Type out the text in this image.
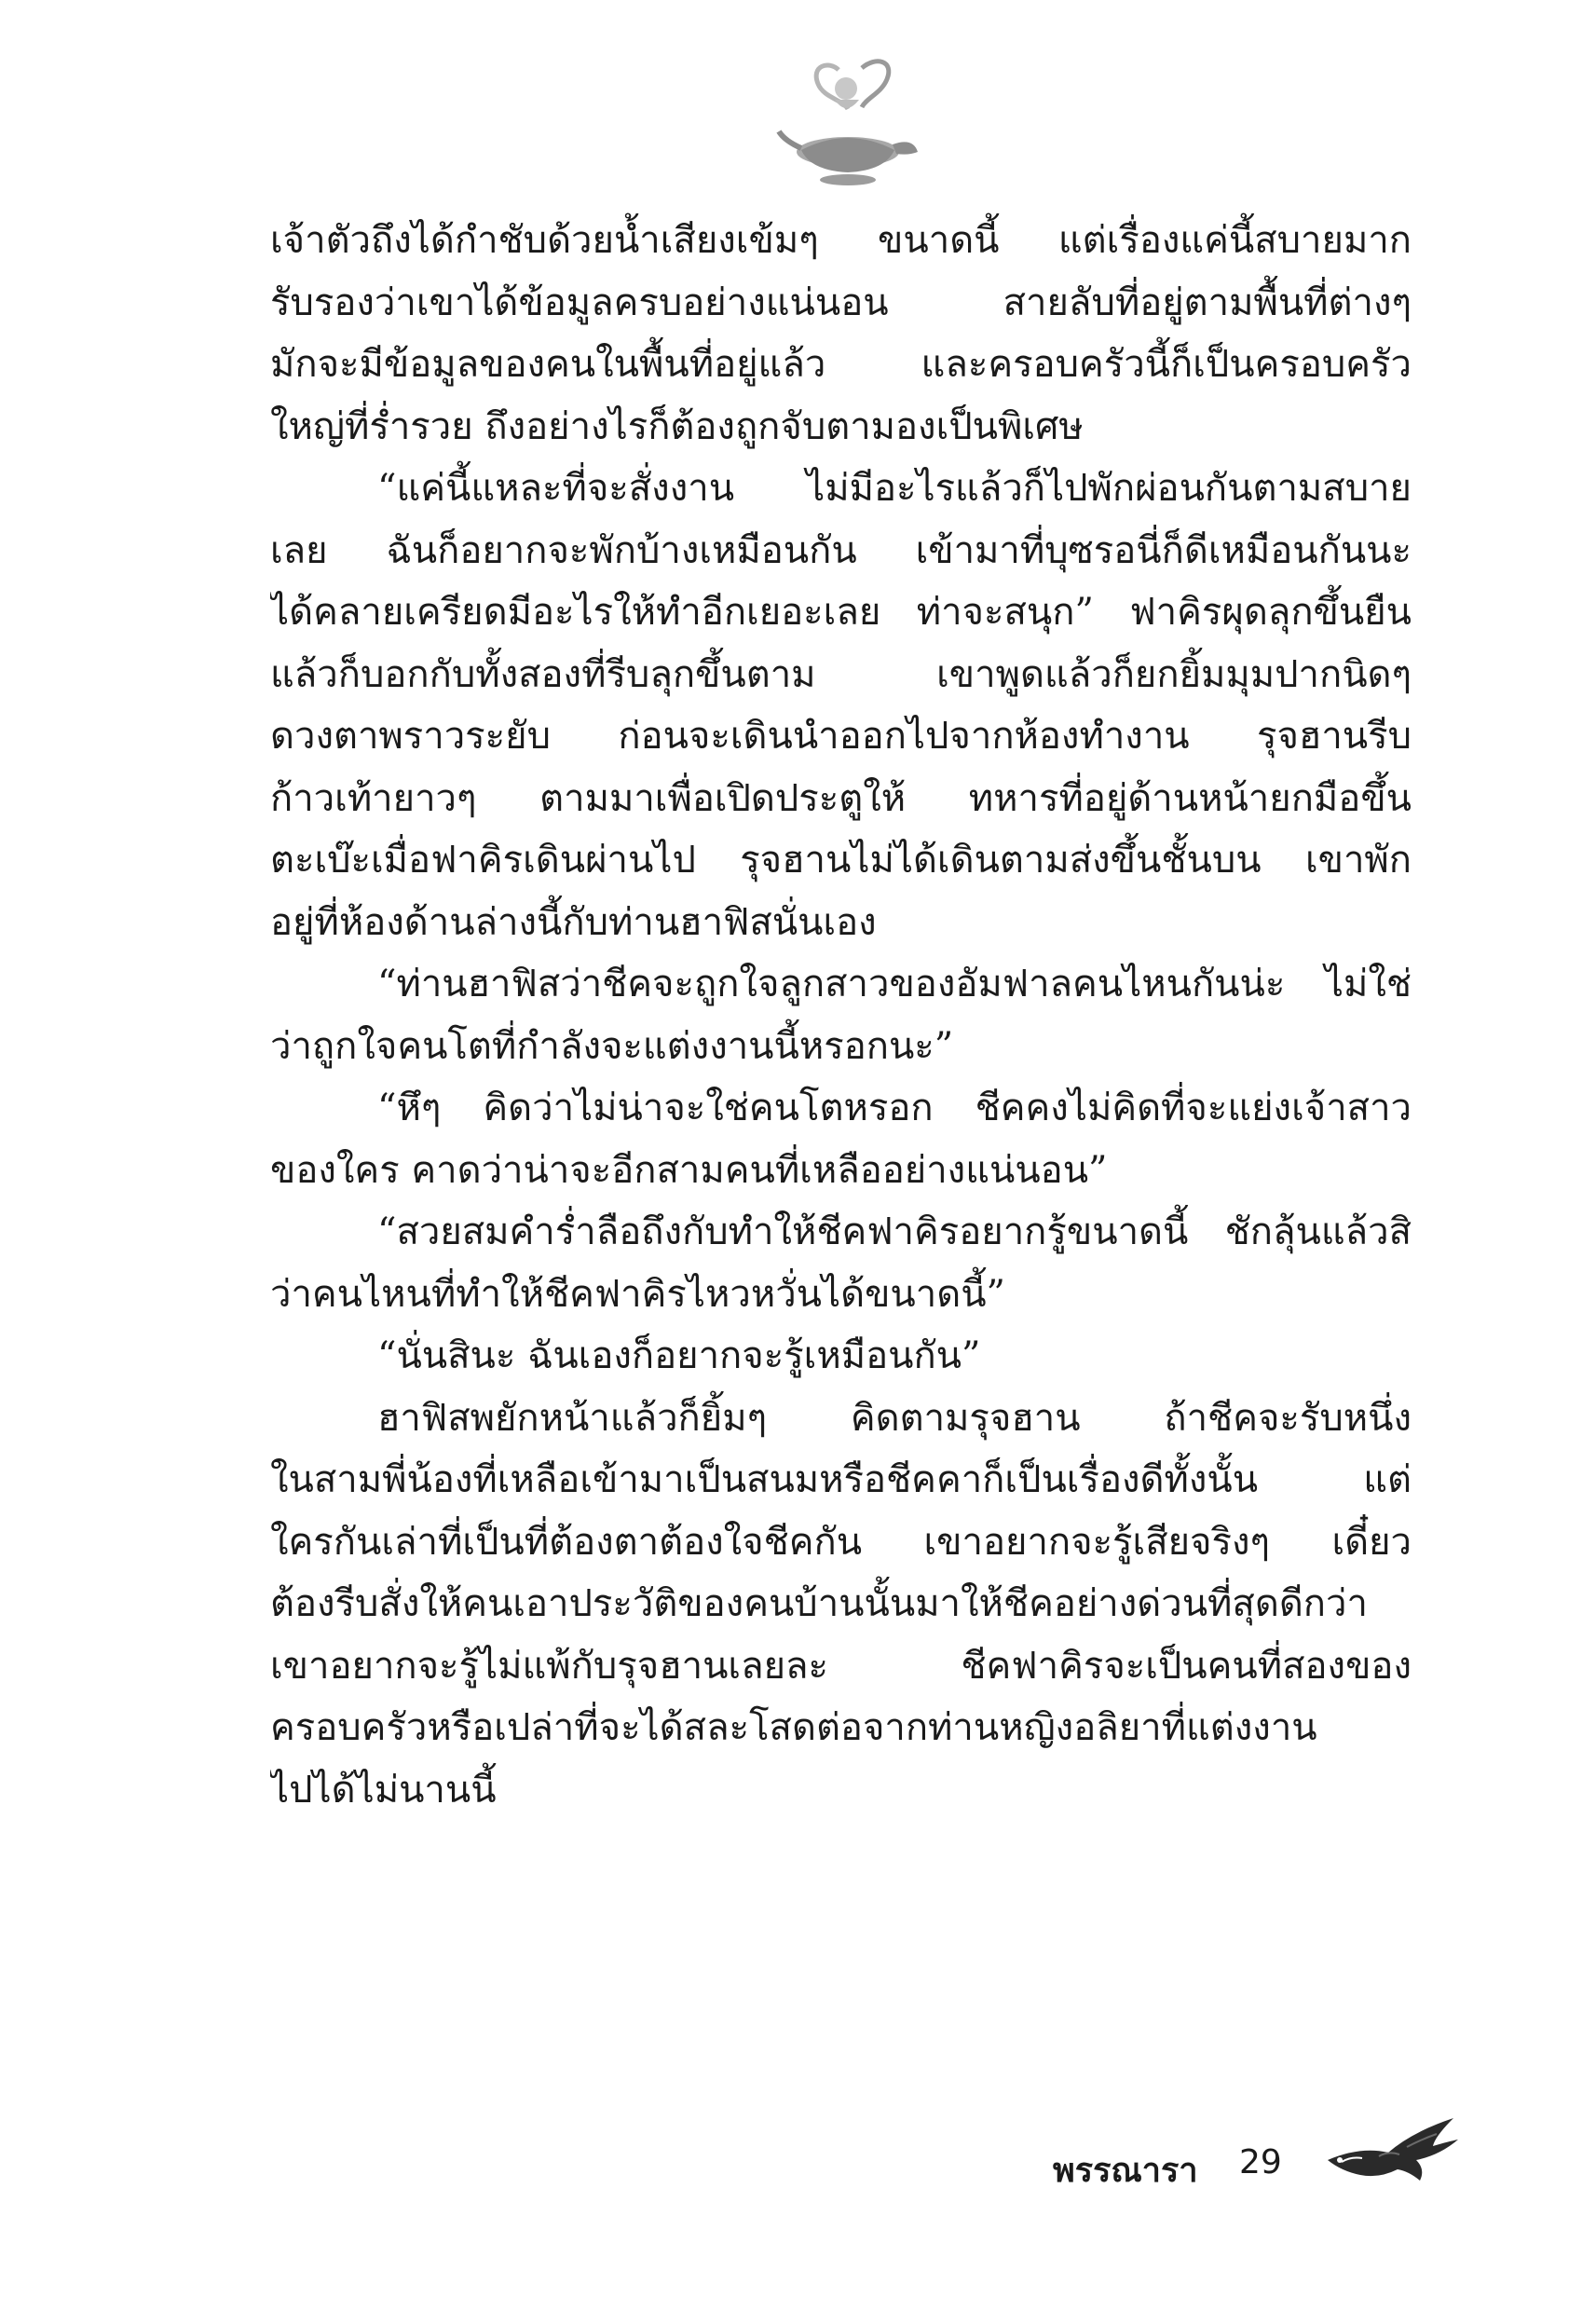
เจ้าตัวถึงได้กำชับด้วยน้ำเสียงเข้มๆ ขนาดนี้ แต่เรื่องแค่นี้สบายมาก
รับรองว่าเขาได้ข้อมูลครบอย่างแน่นอน สายลับที่อยู่ตามพื้นที่ต่างๆ
มักจะมีข้อมูลของคนในพื้นที่อยู่แล้ว และครอบครัวนี้ก็เป็นครอบครัว
ใหญ่ที่ร่ำรวย ถึงอย่างไรก็ต้องถูกจับตามองเป็นพิเศษ
“แค่นี้แหละที่จะสั่งงาน ไม่มีอะไรแล้วก็ไปพักผ่อนกันตามสบาย
เลย ฉันก็อยากจะพักบ้างเหมือนกัน เข้ามาที่บุซรอนี่ก็ดีเหมือนกันนะ
ได้คลายเครียดมีอะไรให้ทำอีกเยอะเลย ท่าจะสนุก” ฟาคิรผุดลุกขึ้นยืน
แล้วก็บอกกับทั้งสองที่รีบลุกขึ้นตาม เขาพูดแล้วก็ยกยิ้มมุมปากนิดๆ
ดวงตาพราวระยับ ก่อนจะเดินนำออกไปจากห้องทำงาน รุจฮานรีบ
ก้าวเท้ายาวๆ ตามมาเพื่อเปิดประตูให้ ทหารที่อยู่ด้านหน้ายกมือขึ้น
ตะเบ๊ะเมื่อฟาคิรเดินผ่านไป รุจฮานไม่ได้เดินตามส่งขึ้นชั้นบน เขาพัก
อยู่ที่ห้องด้านล่างนี้กับท่านฮาฟิสนั่นเอง
“ท่านฮาฟิสว่าชีคจะถูกใจลูกสาวของอัมฟาลคนไหนกันน่ะ ไม่ใช่
ว่าถูกใจคนโตที่กำลังจะแต่งงานนี้หรอกนะ”
“หึๆ คิดว่าไม่น่าจะใช่คนโตหรอก ชีคคงไม่คิดที่จะแย่งเจ้าสาว
ของใคร คาดว่าน่าจะอีกสามคนที่เหลืออย่างแน่นอน”
“สวยสมคำร่ำลือถึงกับทำให้ชีคฟาคิรอยากรู้ขนาดนี้ ชักลุ้นแล้วสิ
ว่าคนไหนที่ทำให้ชีคฟาคิรไหวหวั่นได้ขนาดนี้”
“นั่นสินะ ฉันเองก็อยากจะรู้เหมือนกัน”
ฮาฟิสพยักหน้าแล้วก็ยิ้มๆ คิดตามรุจฮาน ถ้าชีคจะรับหนึ่ง
ในสามพี่น้องที่เหลือเข้ามาเป็นสนมหรือชีคคาก็เป็นเรื่องดีทั้งนั้น แต่
ใครกันเล่าที่เป็นที่ต้องตาต้องใจชีคกัน เขาอยากจะรู้เสียจริงๆ เดี๋ยว
ต้องรีบสั่งให้คนเอาประวัติของคนบ้านนั้นมาให้ชีคอย่างด่วนที่สุดดีกว่า
เขาอยากจะรู้ไม่แพ้กับรุจฮานเลยละ ชีคฟาคิรจะเป็นคนที่สองของ
ครอบครัวหรือเปล่าที่จะได้สละโสดต่อจากท่านหญิงอลิยาที่แต่งงาน
ไปได้ไม่นานนี้
พรรณารา 29
